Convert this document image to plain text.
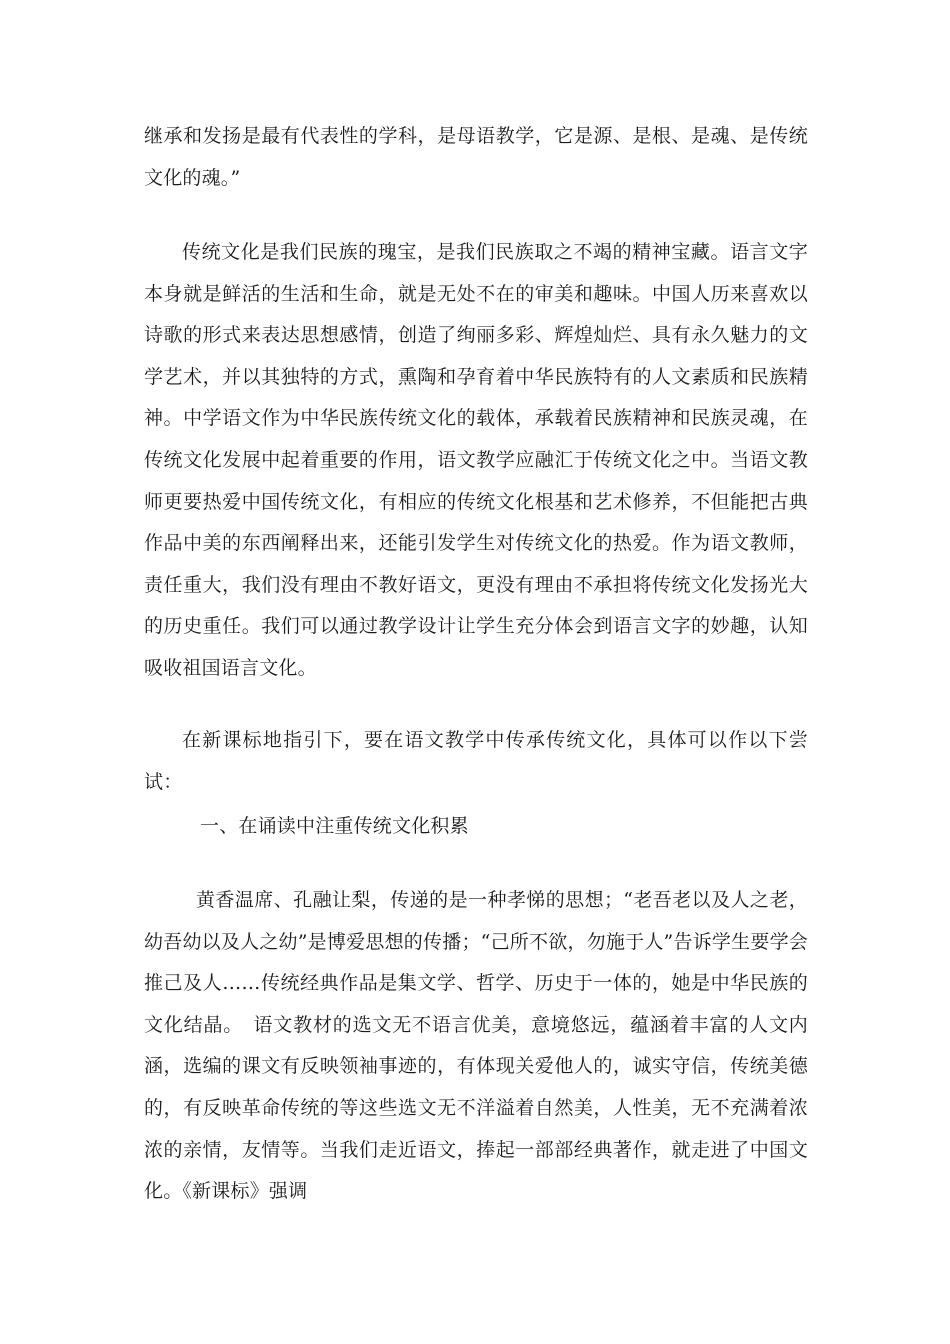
继承和发扬是最有代表性的学科，是母语教学，它是源、是根、是魂、是传统文化的魂。”

传统文化是我们民族的瑰宝，是我们民族取之不竭的精神宝藏。语言文字本身就是鲜活的生活和生命，就是无处不在的审美和趣味。中国人历来喜欢以诗歌的形式来表达思想感情，创造了绚丽多彩、辉煌灿烂、具有永久魅力的文学艺术，并以其独特的方式，熏陶和孕育着中华民族特有的人文素质和民族精神。中学语文作为中华民族传统文化的载体，承载着民族精神和民族灵魂，在传统文化发展中起着重要的作用，语文教学应融汇于传统文化之中。当语文教师更要热爱中国传统文化，有相应的传统文化根基和艺术修养，不但能把古典作品中美的东西阐释出来，还能引发学生对传统文化的热爱。作为语文教师，责任重大，我们没有理由不教好语文，更没有理由不承担将传统文化发扬光大的历史重任。我们可以通过教学设计让学生充分体会到语言文字的妙趣，认知吸收祖国语言文化。

在新课标地指引下，要在语文教学中传承传统文化，具体可以作以下尝试：

一、在诵读中注重传统文化积累

黄香温席、孔融让梨，传递的是一种孝悌的思想；“老吾老以及人之老，幼吾幼以及人之幼”是博爱思想的传播；“己所不欲，勿施于人”告诉学生要学会推己及人……传统经典作品是集文学、哲学、历史于一体的，她是中华民族的文化结晶。　语文教材的选文无不语言优美，意境悠远，蕴涵着丰富的人文内涵，选编的课文有反映领袖事迹的，有体现关爱他人的，诚实守信，传统美德的，有反映革命传统的等这些选文无不洋溢着自然美，人性美，无不充满着浓浓的亲情，友情等。当我们走近语文，捧起一部部经典著作，就走进了中国文化。《新课标》强调
